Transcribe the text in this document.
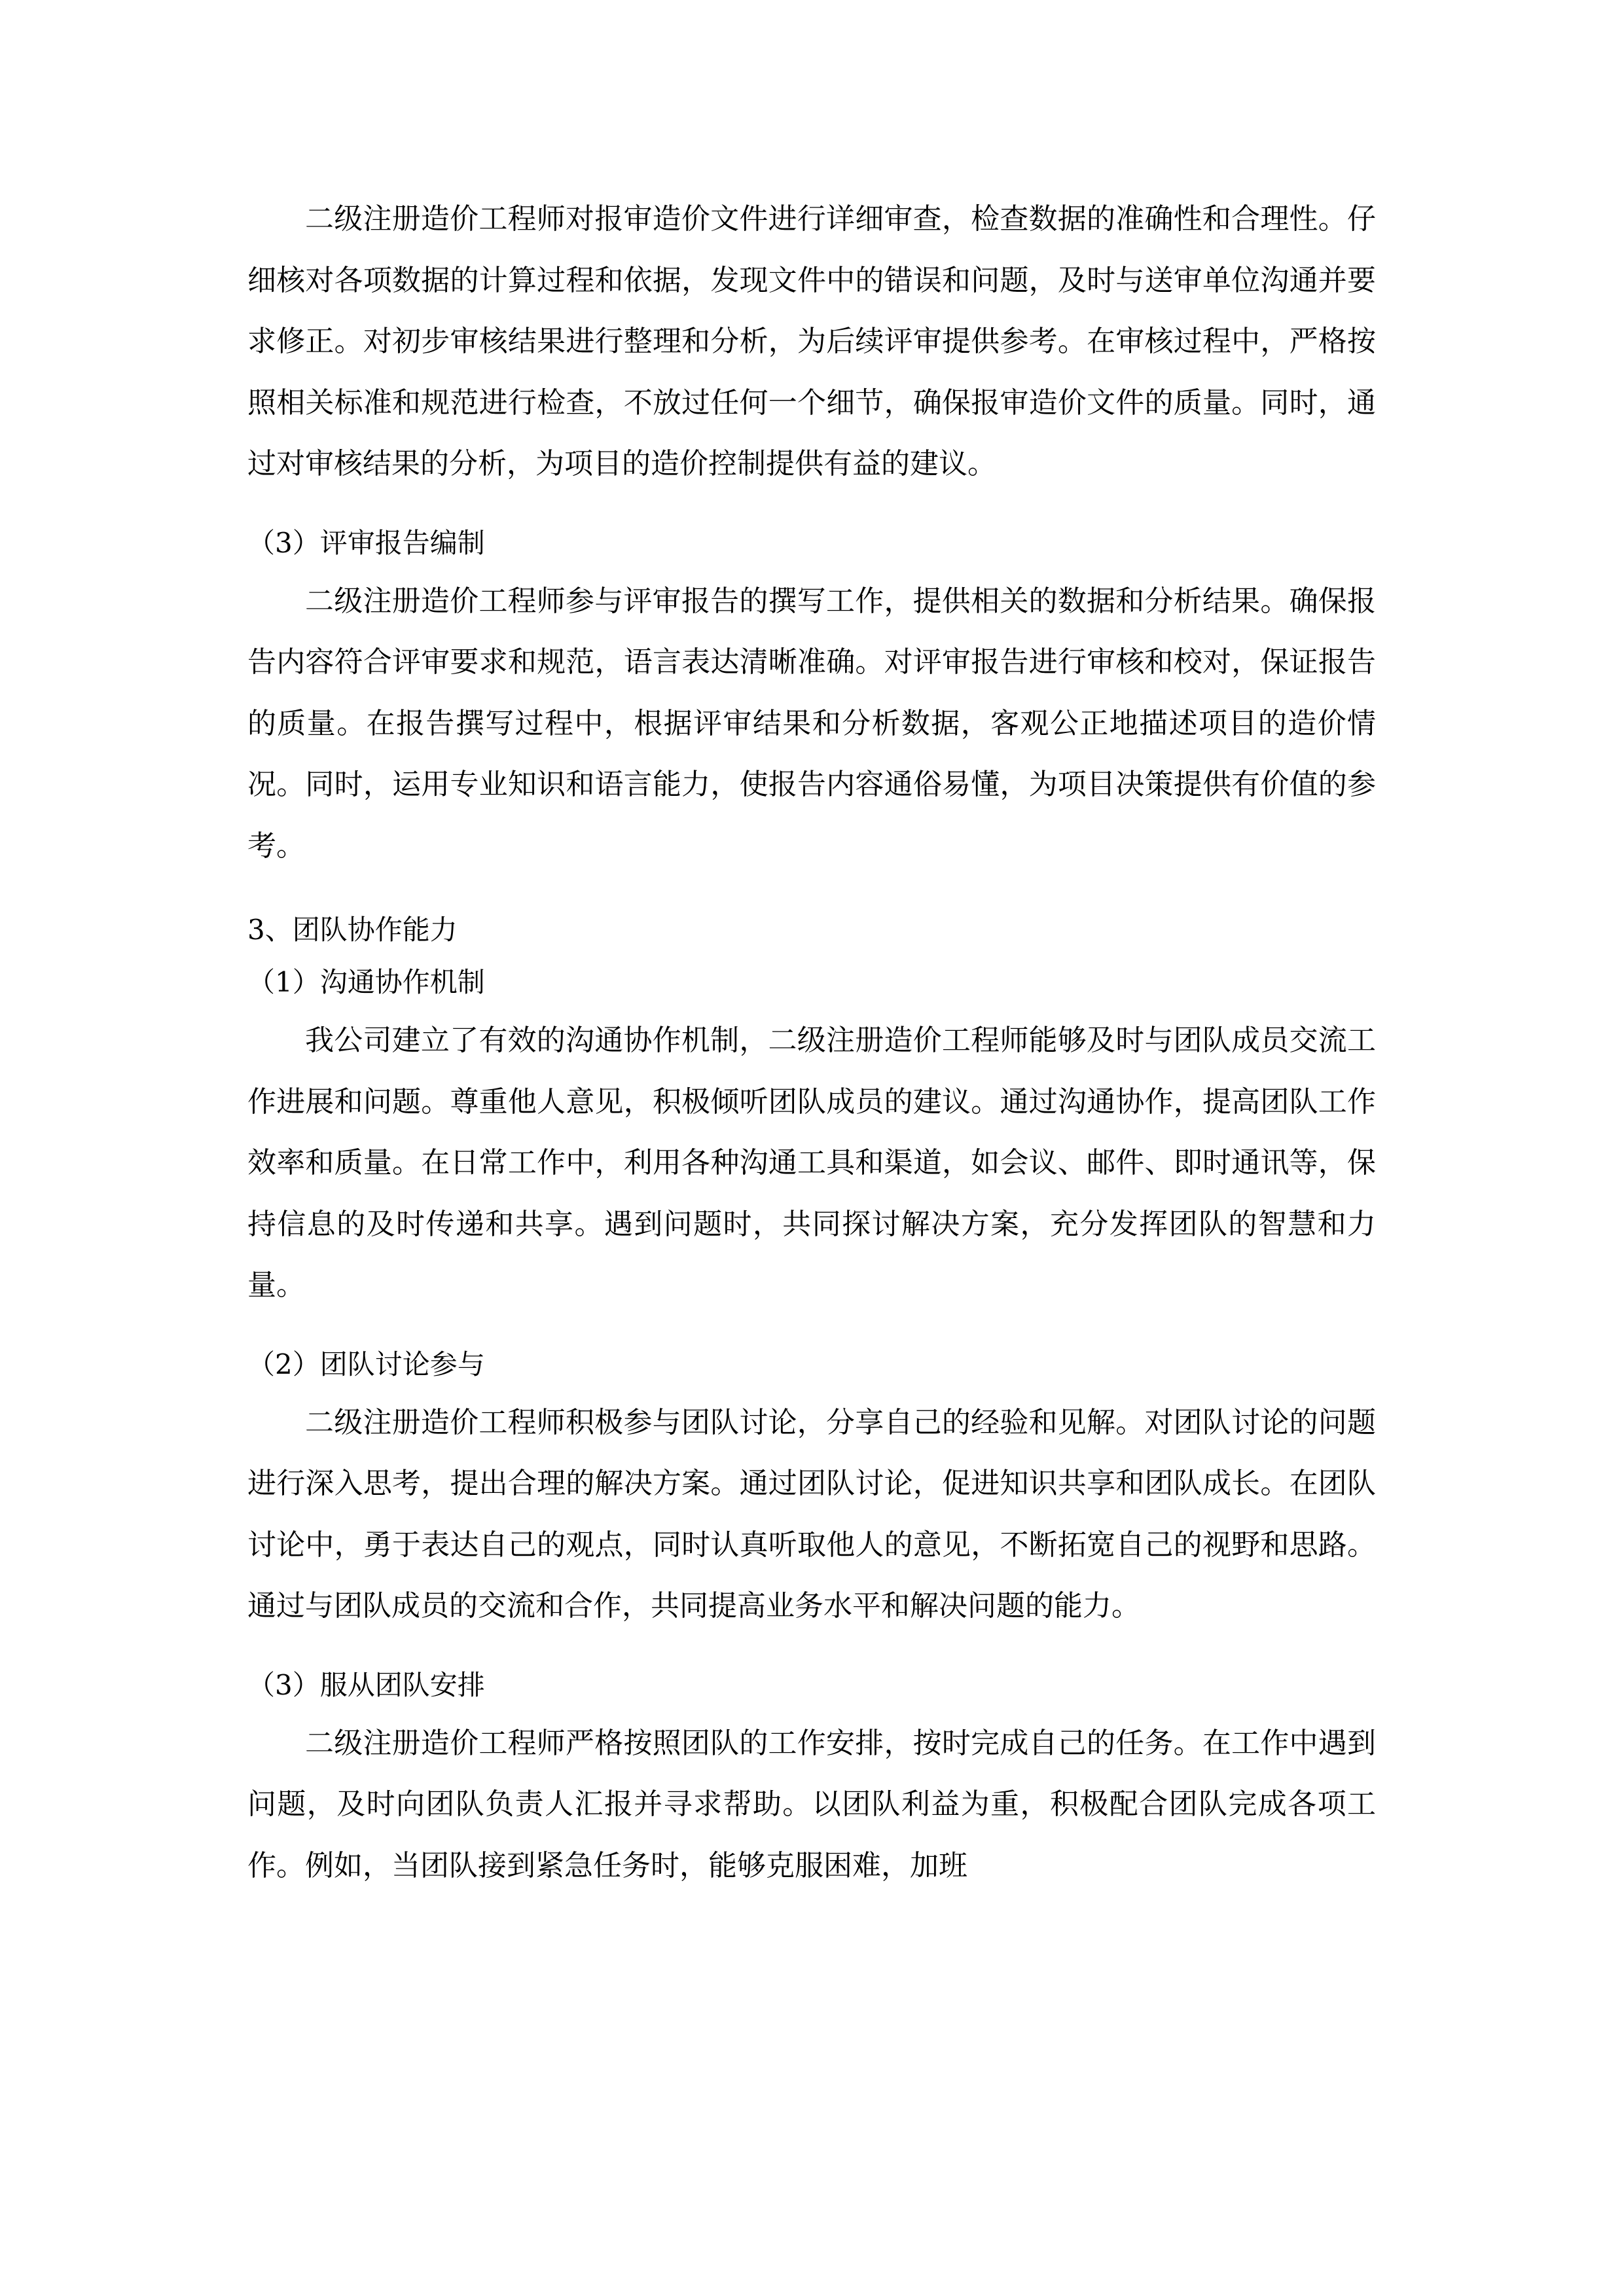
二级注册造价工程师对报审造价文件进行详细审查，检查数据的准确性和合理性。仔细核对各项数据的计算过程和依据，发现文件中的错误和问题，及时与送审单位沟通并要求修正。对初步审核结果进行整理和分析，为后续评审提供参考。在审核过程中，严格按照相关标准和规范进行检查，不放过任何一个细节，确保报审造价文件的质量。同时，通过对审核结果的分析，为项目的造价控制提供有益的建议。

（3）评审报告编制

二级注册造价工程师参与评审报告的撰写工作，提供相关的数据和分析结果。确保报告内容符合评审要求和规范，语言表达清晰准确。对评审报告进行审核和校对，保证报告的质量。在报告撰写过程中，根据评审结果和分析数据，客观公正地描述项目的造价情况。同时，运用专业知识和语言能力，使报告内容通俗易懂，为项目决策提供有价值的参考。

3、团队协作能力

（1）沟通协作机制

我公司建立了有效的沟通协作机制，二级注册造价工程师能够及时与团队成员交流工作进展和问题。尊重他人意见，积极倾听团队成员的建议。通过沟通协作，提高团队工作效率和质量。在日常工作中，利用各种沟通工具和渠道，如会议、邮件、即时通讯等，保持信息的及时传递和共享。遇到问题时，共同探讨解决方案，充分发挥团队的智慧和力量。

（2）团队讨论参与

二级注册造价工程师积极参与团队讨论，分享自己的经验和见解。对团队讨论的问题进行深入思考，提出合理的解决方案。通过团队讨论，促进知识共享和团队成长。在团队讨论中，勇于表达自己的观点，同时认真听取他人的意见，不断拓宽自己的视野和思路。通过与团队成员的交流和合作，共同提高业务水平和解决问题的能力。

（3）服从团队安排

二级注册造价工程师严格按照团队的工作安排，按时完成自己的任务。在工作中遇到问题，及时向团队负责人汇报并寻求帮助。以团队利益为重，积极配合团队完成各项工作。例如，当团队接到紧急任务时，能够克服困难，加班
